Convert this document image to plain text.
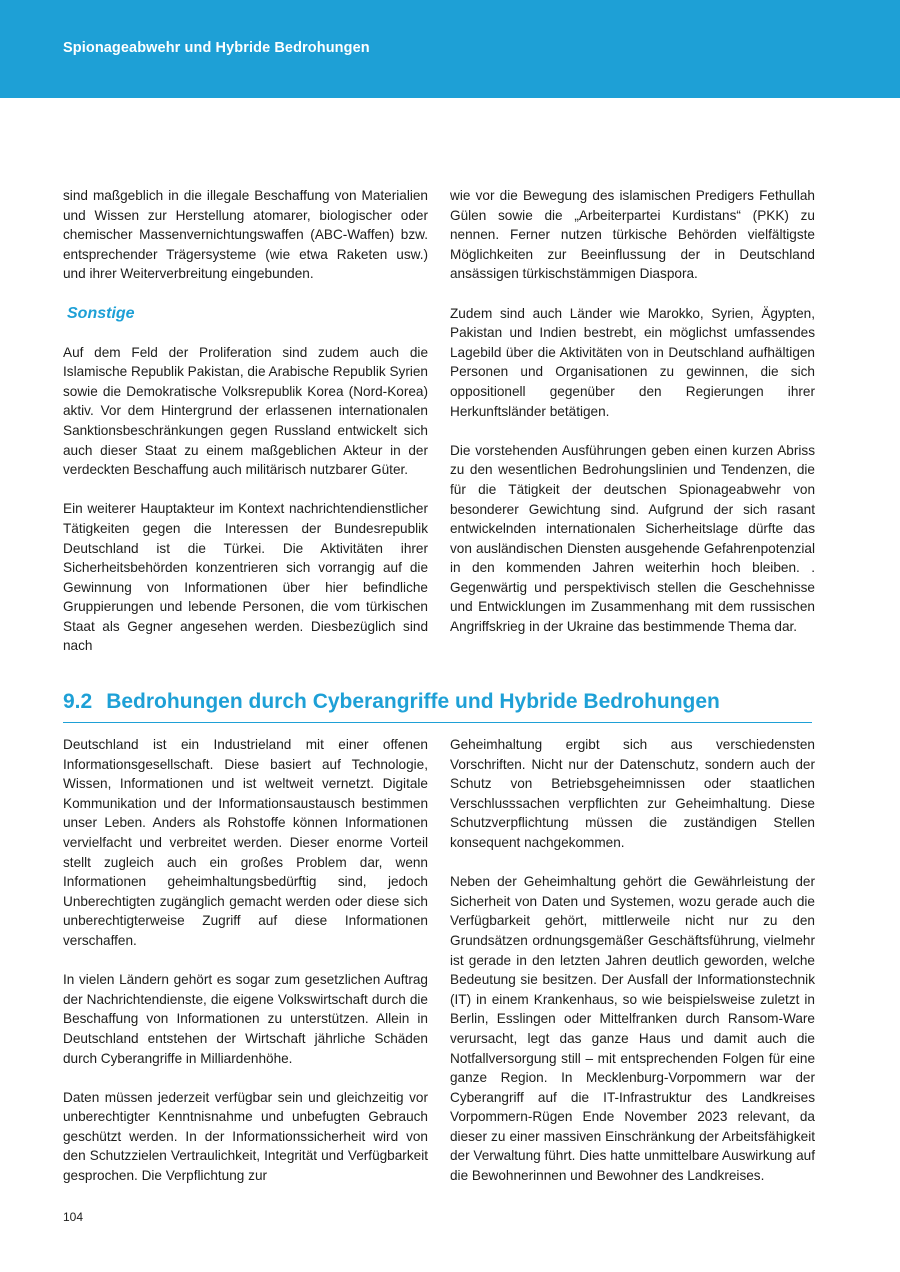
Spionageabwehr und Hybride Bedrohungen

sind maßgeblich in die illegale Beschaffung von Materialien und Wissen zur Herstellung atomarer, biologischer oder chemischer Massenvernichtungswaffen (ABC-Waffen) bzw. entsprechender Trägersysteme (wie etwa Raketen usw.) und ihrer Weiterverbreitung eingebunden.

Sonstige

Auf dem Feld der Proliferation sind zudem auch die Islamische Republik Pakistan, die Arabische Republik Syrien sowie die Demokratische Volksrepublik Korea (Nord-Korea) aktiv. Vor dem Hintergrund der erlassenen internationalen Sanktionsbeschränkungen gegen Russland entwickelt sich auch dieser Staat zu einem maßgeblichen Akteur in der verdeckten Beschaffung auch militärisch nutzbarer Güter.

Ein weiterer Hauptakteur im Kontext nachrichtendienstlicher Tätigkeiten gegen die Interessen der Bundesrepublik Deutschland ist die Türkei. Die Aktivitäten ihrer Sicherheitsbehörden konzentrieren sich vorrangig auf die Gewinnung von Informationen über hier befindliche Gruppierungen und lebende Personen, die vom türkischen Staat als Gegner angesehen werden. Diesbezüglich sind nach

wie vor die Bewegung des islamischen Predigers Fethullah Gülen sowie die „Arbeiterpartei Kurdistans“ (PKK) zu nennen. Ferner nutzen türkische Behörden vielfältigste Möglichkeiten zur Beeinflussung der in Deutschland ansässigen türkischstämmigen Diaspora.

Zudem sind auch Länder wie Marokko, Syrien, Ägypten, Pakistan und Indien bestrebt, ein möglichst umfassendes Lagebild über die Aktivitäten von in Deutschland aufhältigen Personen und Organisationen zu gewinnen, die sich oppositionell gegenüber den Regierungen ihrer Herkunftsländer betätigen.

Die vorstehenden Ausführungen geben einen kurzen Abriss zu den wesentlichen Bedrohungslinien und Tendenzen, die für die Tätigkeit der deutschen Spionageabwehr von besonderer Gewichtung sind. Aufgrund der sich rasant entwickelnden internationalen Sicherheitslage dürfte das von ausländischen Diensten ausgehende Gefahrenpotenzial in den kommenden Jahren weiterhin hoch bleiben. . Gegenwärtig und perspektivisch stellen die Geschehnisse und Entwicklungen im Zusammenhang mit dem russischen Angriffskrieg in der Ukraine das bestimmende Thema dar.

9.2 Bedrohungen durch Cyberangriffe und Hybride Bedrohungen

Deutschland ist ein Industrieland mit einer offenen Informationsgesellschaft. Diese basiert auf Technologie, Wissen, Informationen und ist weltweit vernetzt. Digitale Kommunikation und der Informationsaustausch bestimmen unser Leben. Anders als Rohstoffe können Informationen vervielfacht und verbreitet werden. Dieser enorme Vorteil stellt zugleich auch ein großes Problem dar, wenn Informationen geheimhaltungsbedürftig sind, jedoch Unberechtigten zugänglich gemacht werden oder diese sich unberechtigterweise Zugriff auf diese Informationen verschaffen.

In vielen Ländern gehört es sogar zum gesetzlichen Auftrag der Nachrichtendienste, die eigene Volkswirtschaft durch die Beschaffung von Informationen zu unterstützen. Allein in Deutschland entstehen der Wirtschaft jährliche Schäden durch Cyberangriffe in Milliardenhöhe.

Daten müssen jederzeit verfügbar sein und gleichzeitig vor unberechtigter Kenntnisnahme und unbefugten Gebrauch geschützt werden. In der Informationssicherheit wird von den Schutzzielen Vertraulichkeit, Integrität und Verfügbarkeit gesprochen. Die Verpflichtung zur

Geheimhaltung ergibt sich aus verschiedensten Vorschriften. Nicht nur der Datenschutz, sondern auch der Schutz von Betriebsgeheimnissen oder staatlichen Verschlusssachen verpflichten zur Geheimhaltung. Diese Schutzverpflichtung müssen die zuständigen Stellen konsequent nachgekommen.

Neben der Geheimhaltung gehört die Gewährleistung der Sicherheit von Daten und Systemen, wozu gerade auch die Verfügbarkeit gehört, mittlerweile nicht nur zu den Grundsätzen ordnungsgemäßer Geschäftsführung, vielmehr ist gerade in den letzten Jahren deutlich geworden, welche Bedeutung sie besitzen. Der Ausfall der Informationstechnik (IT) in einem Krankenhaus, so wie beispielsweise zuletzt in Berlin, Esslingen oder Mittelfranken durch Ransom-Ware verursacht, legt das ganze Haus und damit auch die Notfallversorgung still – mit entsprechenden Folgen für eine ganze Region. In Mecklenburg-Vorpommern war der Cyberangriff auf die IT-Infrastruktur des Landkreises Vorpommern-Rügen Ende November 2023 relevant, da dieser zu einer massiven Einschränkung der Arbeitsfähigkeit der Verwaltung führt. Dies hatte unmittelbare Auswirkung auf die Bewohnerinnen und Bewohner des Landkreises.

104
